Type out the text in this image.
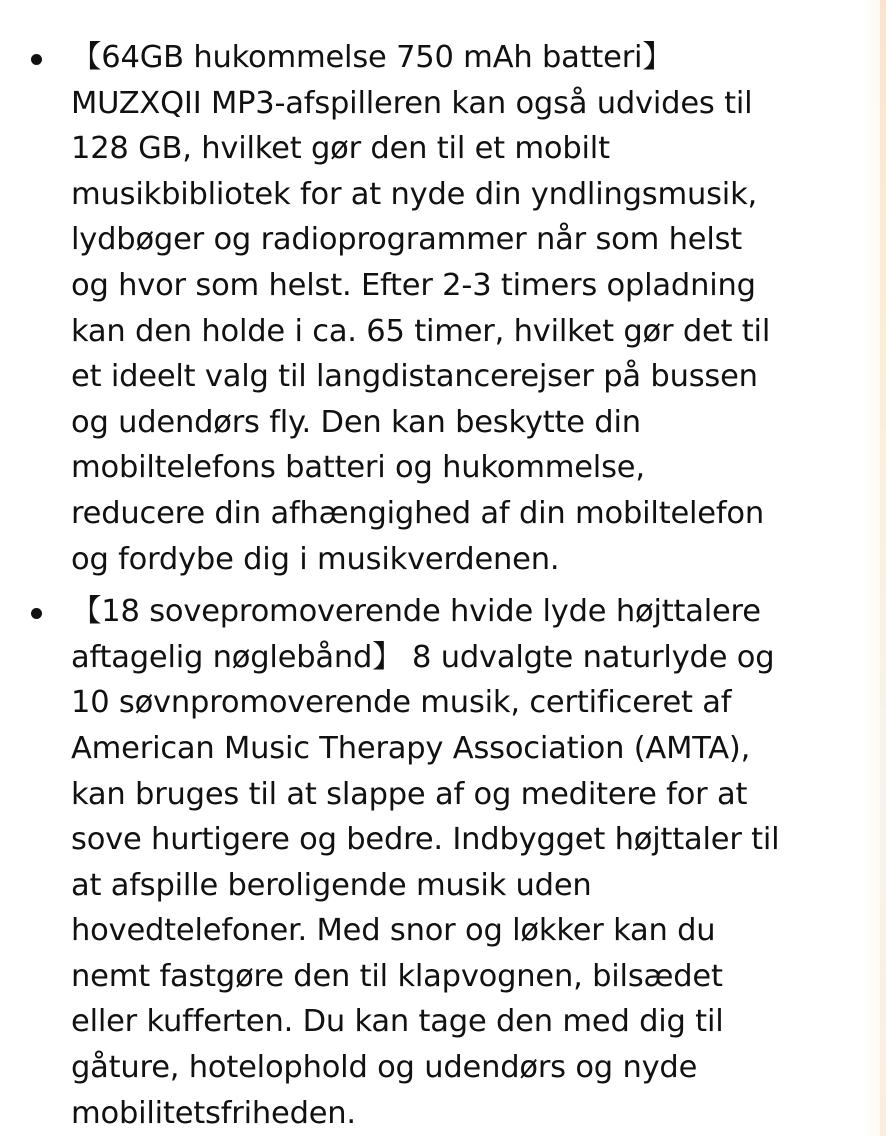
【64GB hukommelse 750 mAh batteri】
MUZXQII MP3-afspilleren kan også udvides til
128 GB, hvilket gør den til et mobilt
musikbibliotek for at nyde din yndlingsmusik,
lydbøger og radioprogrammer når som helst
og hvor som helst. Efter 2-3 timers opladning
kan den holde i ca. 65 timer, hvilket gør det til
et ideelt valg til langdistancerejser på bussen
og udendørs fly. Den kan beskytte din
mobiltelefons batteri og hukommelse,
reducere din afhængighed af din mobiltelefon
og fordybe dig i musikverdenen.
【18 sovepromoverende hvide lyde højttalere
aftagelig nøglebånd】 8 udvalgte naturlyde og
10 søvnpromoverende musik, certificeret af
American Music Therapy Association (AMTA),
kan bruges til at slappe af og meditere for at
sove hurtigere og bedre. Indbygget højttaler til
at afspille beroligende musik uden
hovedtelefoner. Med snor og løkker kan du
nemt fastgøre den til klapvognen, bilsædet
eller kufferten. Du kan tage den med dig til
gåture, hotelophold og udendørs og nyde
mobilitetsfriheden.
